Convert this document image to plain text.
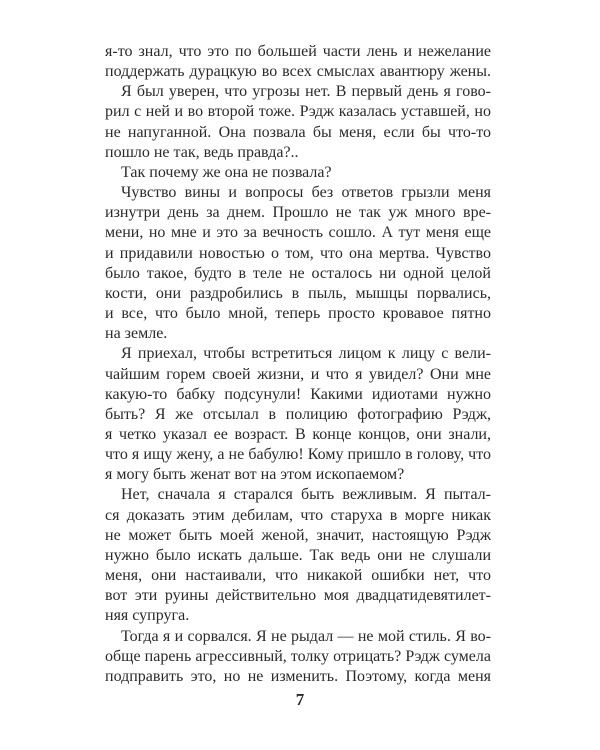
я-то знал, что это по большей части лень и нежелание
поддержать дурацкую во всех смыслах авантюру жены.
Я был уверен, что угрозы нет. В первый день я гово-
рил с ней и во второй тоже. Рэдж казалась уставшей, но
не напуганной. Она позвала бы меня, если бы что-то
пошло не так, ведь правда?..
Так почему же она не позвала?
Чувство вины и вопросы без ответов грызли меня
изнутри день за днем. Прошло не так уж много вре-
мени, но мне и это за вечность сошло. А тут меня еще
и придавили новостью о том, что она мертва. Чувство
было такое, будто в теле не осталось ни одной целой
кости, они раздробились в пыль, мышцы порвались,
и все, что было мной, теперь просто кровавое пятно
на земле.
Я приехал, чтобы встретиться лицом к лицу с вели-
чайшим горем своей жизни, и что я увидел? Они мне
какую-то бабку подсунули! Какими идиотами нужно
быть? Я же отсылал в полицию фотографию Рэдж,
я четко указал ее возраст. В конце концов, они знали,
что я ищу жену, а не бабулю! Кому пришло в голову, что
я могу быть женат вот на этом ископаемом?
Нет, сначала я старался быть вежливым. Я пытал-
ся доказать этим дебилам, что старуха в морге никак
не может быть моей женой, значит, настоящую Рэдж
нужно было искать дальше. Так ведь они не слушали
меня, они настаивали, что никакой ошибки нет, что
вот эти руины действительно моя двадцатидевятилет-
няя супруга.
Тогда я и сорвался. Я не рыдал — не мой стиль. Я во-
обще парень агрессивный, толку отрицать? Рэдж сумела
подправить это, но не изменить. Поэтому, когда меня
7
